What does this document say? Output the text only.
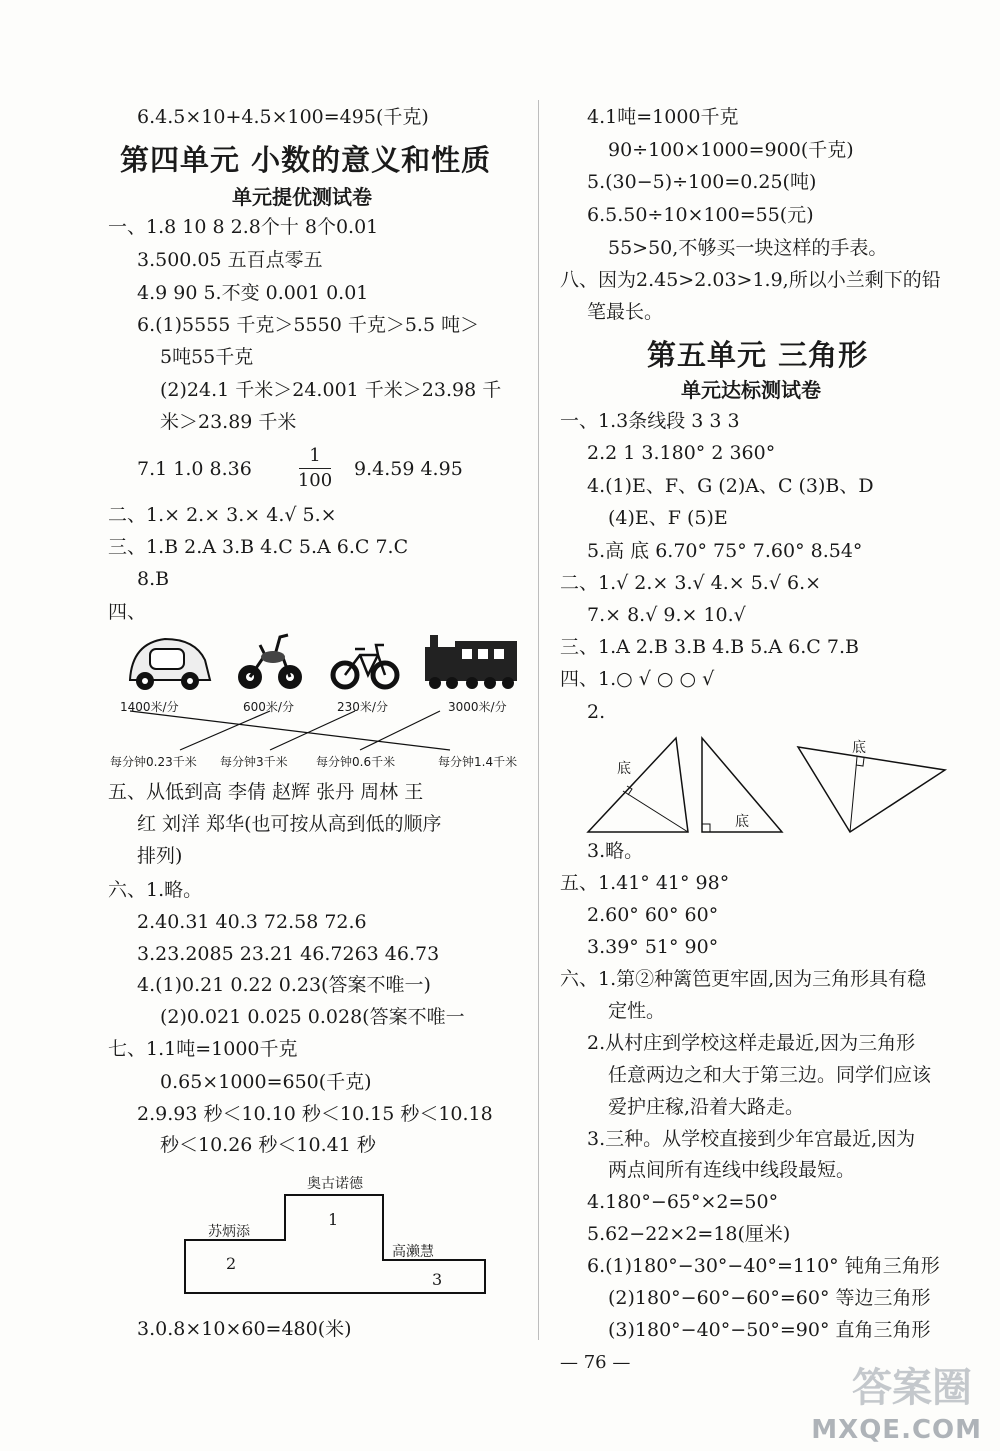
6.4.5×10+4.5×100=495(千克)
第四单元 小数的意义和性质
单元提优测试卷
一、1.8 10 8 2.8个十 8个0.01
3.500.05 五百点零五
4.9 90 5.不变 0.001 0.01
6.(1)5555 千克＞5550 千克＞5.5 吨＞
5吨55千克
(2)24.1 千米＞24.001 千米＞23.98 千
米＞23.89 千米
7.1 1.0 8.36
1
100
9.4.59 4.95
二、1.× 2.× 3.× 4.√ 5.×
三、1.B 2.A 3.B 4.C 5.A 6.C 7.C
8.B
四、
1400米/分	600米/分	230米/分	3000米/分
每分钟0.23千米 每分钟3千米 每分钟0.6千米	每分钟1.4千米
五、从低到高 李倩 赵辉 张丹 周林 王
红 刘洋 郑华(也可按从高到低的顺序
排列)
六、1.略。
2.40.31 40.3 72.58 72.6
3.23.2085 23.21 46.7263 46.73
4.(1)0.21 0.22 0.23(答案不唯一)
(2)0.021 0.025 0.028(答案不唯一
七、1.1吨=1000千克
0.65×1000=650(千克)
2.9.93 秒＜10.10 秒＜10.15 秒＜10.18
秒＜10.26 秒＜10.41 秒
奥古诺德
苏炳添
高濑慧
1
2
3
3.0.8×10×60=480(米)
4.1吨=1000千克
90÷100×1000=900(千克)
5.(30−5)÷100=0.25(吨)
6.5.50÷10×100=55(元)
55>50,不够买一块这样的手表。
八、因为2.45>2.03>1.9,所以小兰剩下的铅
笔最长。
第五单元 三角形
单元达标测试卷
一、1.3条线段 3 3 3
2.2 1 3.180° 2 360°
4.(1)E、F、G (2)A、C (3)B、D
(4)E、F (5)E
5.高 底 6.70° 75° 7.60° 8.54°
二、1.√ 2.× 3.√ 4.× 5.√ 6.×
7.× 8.√ 9.× 10.√
三、1.A 2.B 3.B 4.B 5.A 6.C 7.B
四、1.○ √ ○ ○ √
2.
底
底
底
3.略。
五、1.41° 41° 98°
2.60° 60° 60°
3.39° 51° 90°
六、1.第②种篱笆更牢固,因为三角形具有稳
定性。
2.从村庄到学校这样走最近,因为三角形
任意两边之和大于第三边。同学们应该
爱护庄稼,沿着大路走。
3.三种。从学校直接到少年宫最近,因为
两点间所有连线中线段最短。
4.180°−65°×2=50°
5.62−22×2=18(厘米)
6.(1)180°−30°−40°=110° 钝角三角形
(2)180°−60°−60°=60° 等边三角形
(3)180°−40°−50°=90° 直角三角形
— 76 —
答案圈
MXQE.COM
